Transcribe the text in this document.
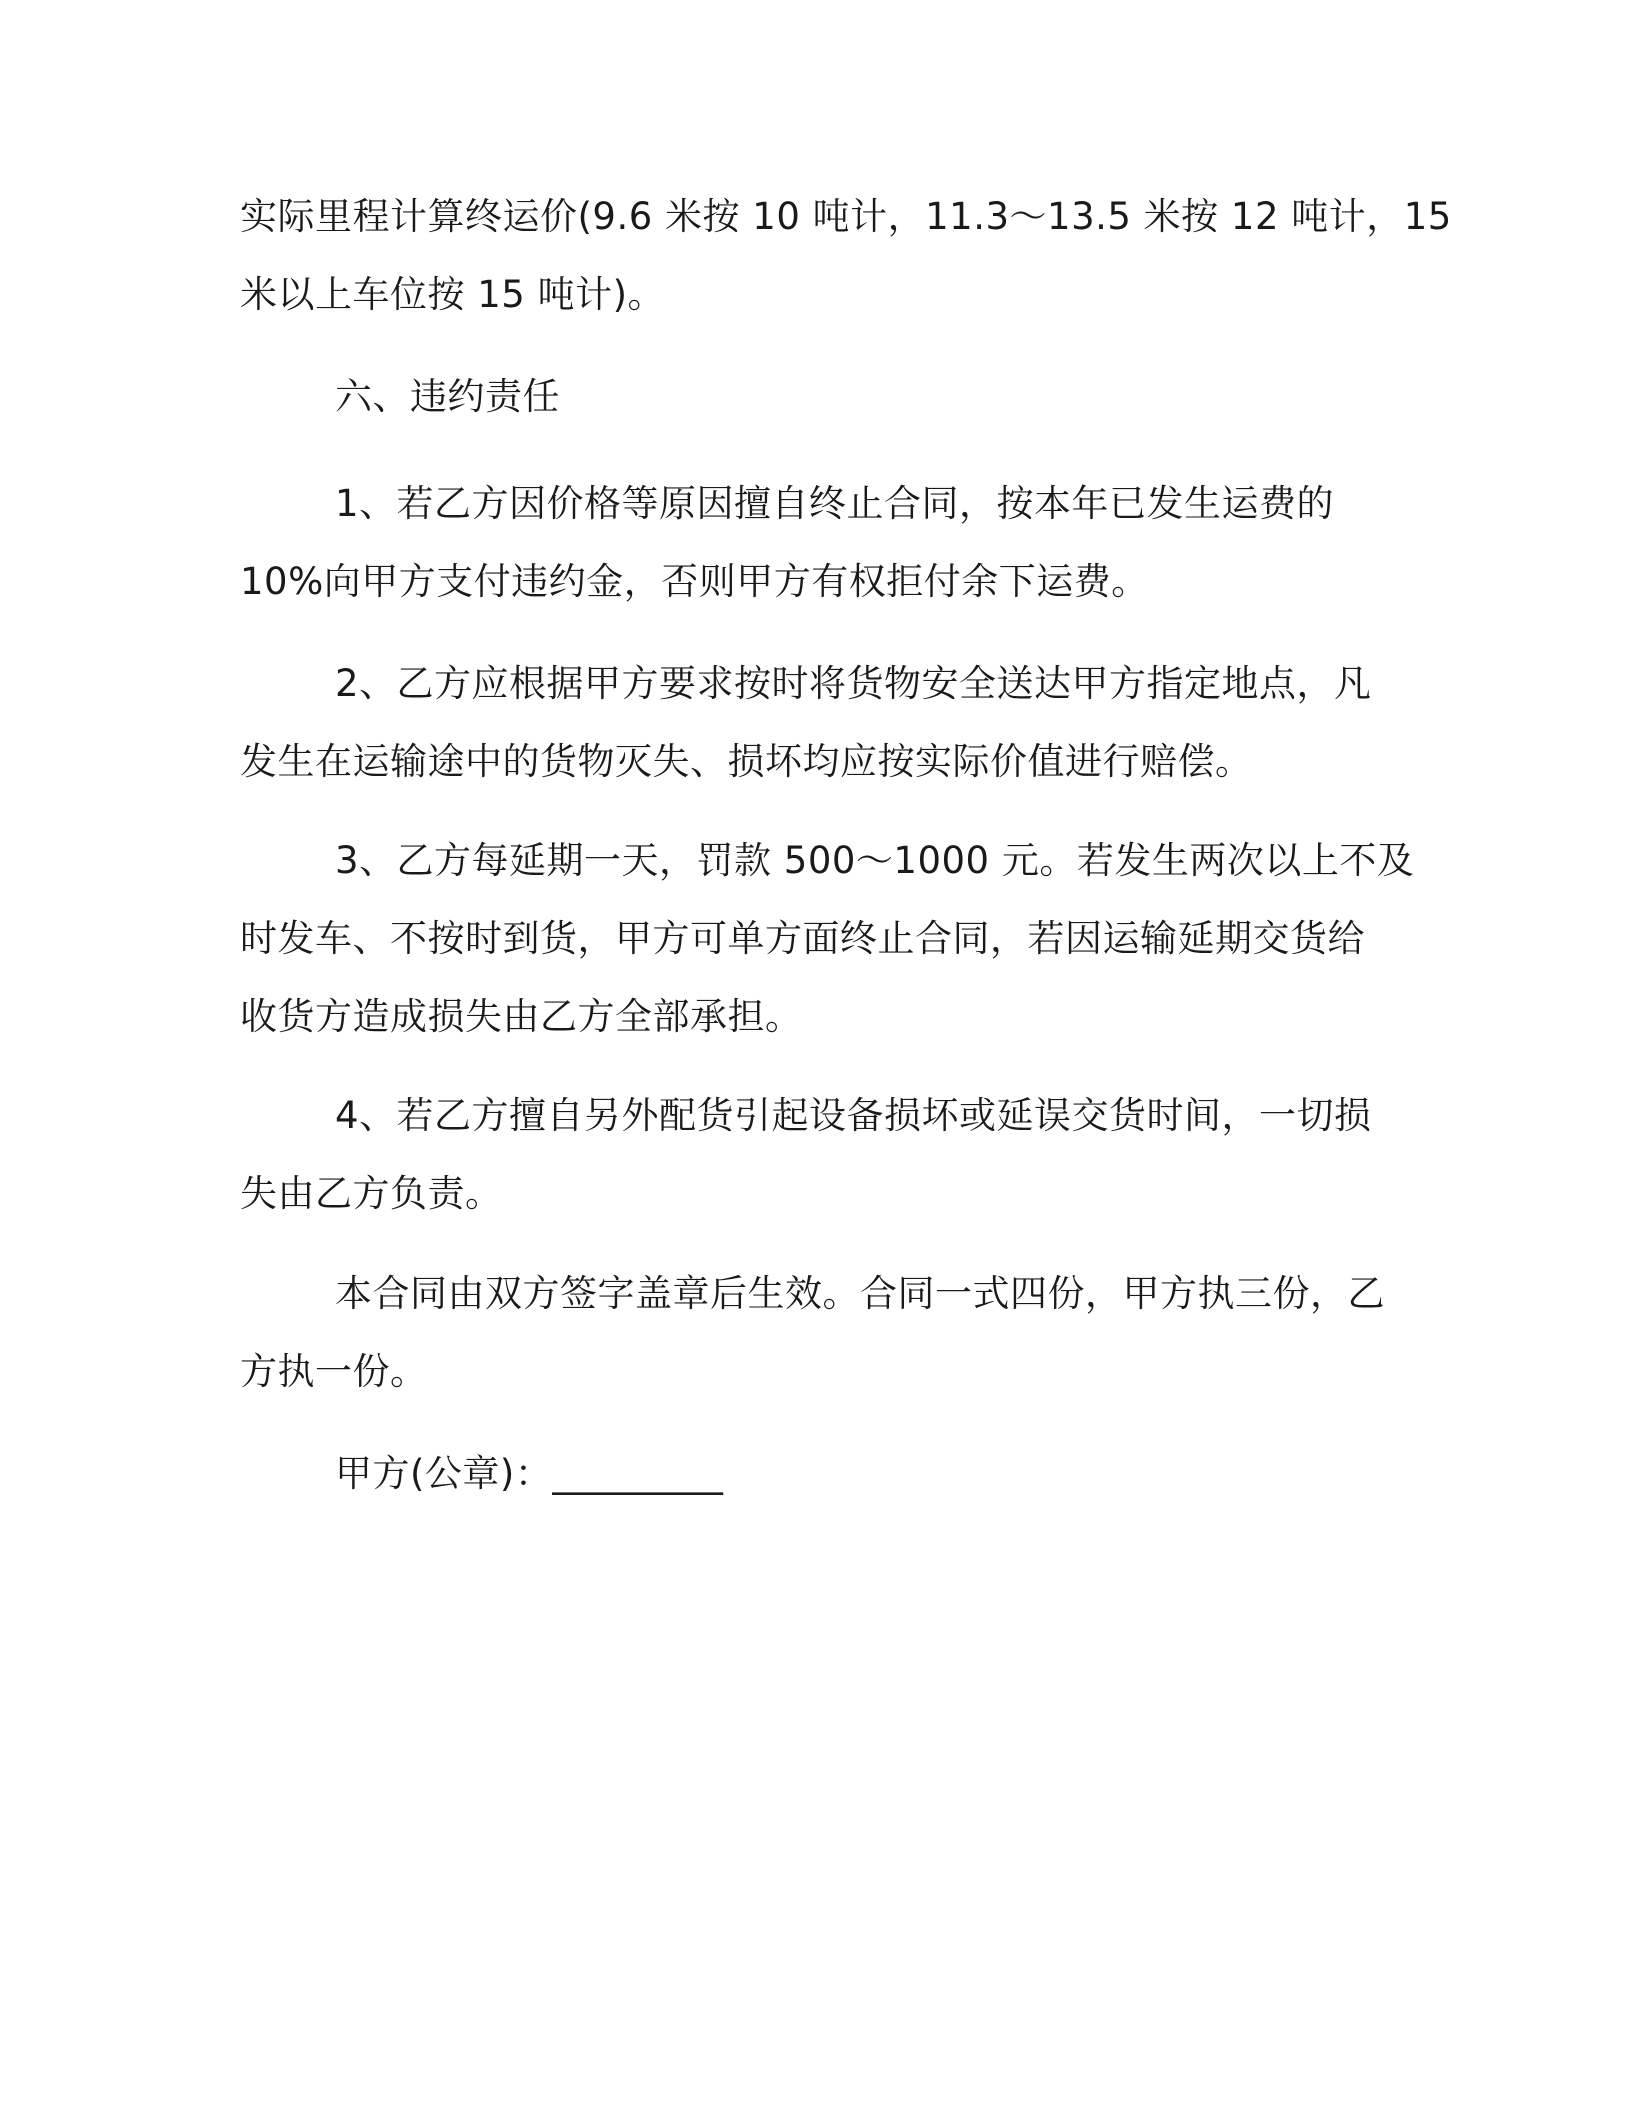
实际里程计算终运价(9.6 米按 10 吨计，11.3～13.5 米按 12 吨计，15
米以上车位按 15 吨计)。
六、违约责任
1、若乙方因价格等原因擅自终止合同，按本年已发生运费的
10%向甲方支付违约金，否则甲方有权拒付余下运费。
2、乙方应根据甲方要求按时将货物安全送达甲方指定地点，凡
发生在运输途中的货物灭失、损坏均应按实际价值进行赔偿。
3、乙方每延期一天，罚款 500～1000 元。若发生两次以上不及
时发车、不按时到货，甲方可单方面终止合同，若因运输延期交货给
收货方造成损失由乙方全部承担。
4、若乙方擅自另外配货引起设备损坏或延误交货时间，一切损
失由乙方负责。
本合同由双方签字盖章后生效。合同一式四份，甲方执三份，乙
方执一份。
甲方(公章)：_________
